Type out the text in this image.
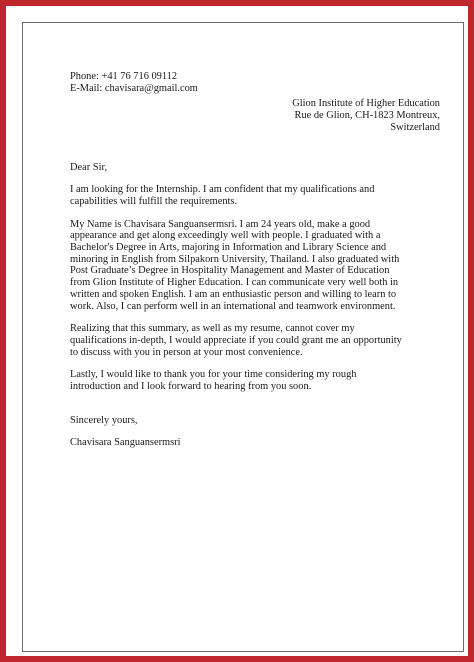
Phone: +41 76 716 09112
E-Mail: chavisara@gmail.com
Glion Institute of Higher Education
Rue de Glion, CH-1823 Montreux,
Switzerland
Dear Sir,
I am looking for the Internship. I am confident that my qualifications and
capabilities will fulfill the requirements.
My Name is Chavisara Sanguansermsri. I am 24 years old, make a good
appearance and get along exceedingly well with people. I graduated with a
Bachelor's Degree in Arts, majoring in Information and Library Science and
minoring in English from Silpakorn University, Thailand. I also graduated with
Post Graduate’s Degree in Hospitality Management and Master of Education
from Glion Institute of Higher Education. I can communicate very well both in
written and spoken English. I am an enthusiastic person and willing to learn to
work. Also, I can perform well in an international and teamwork environment.
Realizing that this summary, as well as my resume, cannot cover my
qualifications in-depth, I would appreciate if you could grant me an opportunity
to discuss with you in person at your most convenience.
Lastly, I would like to thank you for your time considering my rough
introduction and I look forward to hearing from you soon.
Sincerely yours,
Chavisara Sanguansermsri
